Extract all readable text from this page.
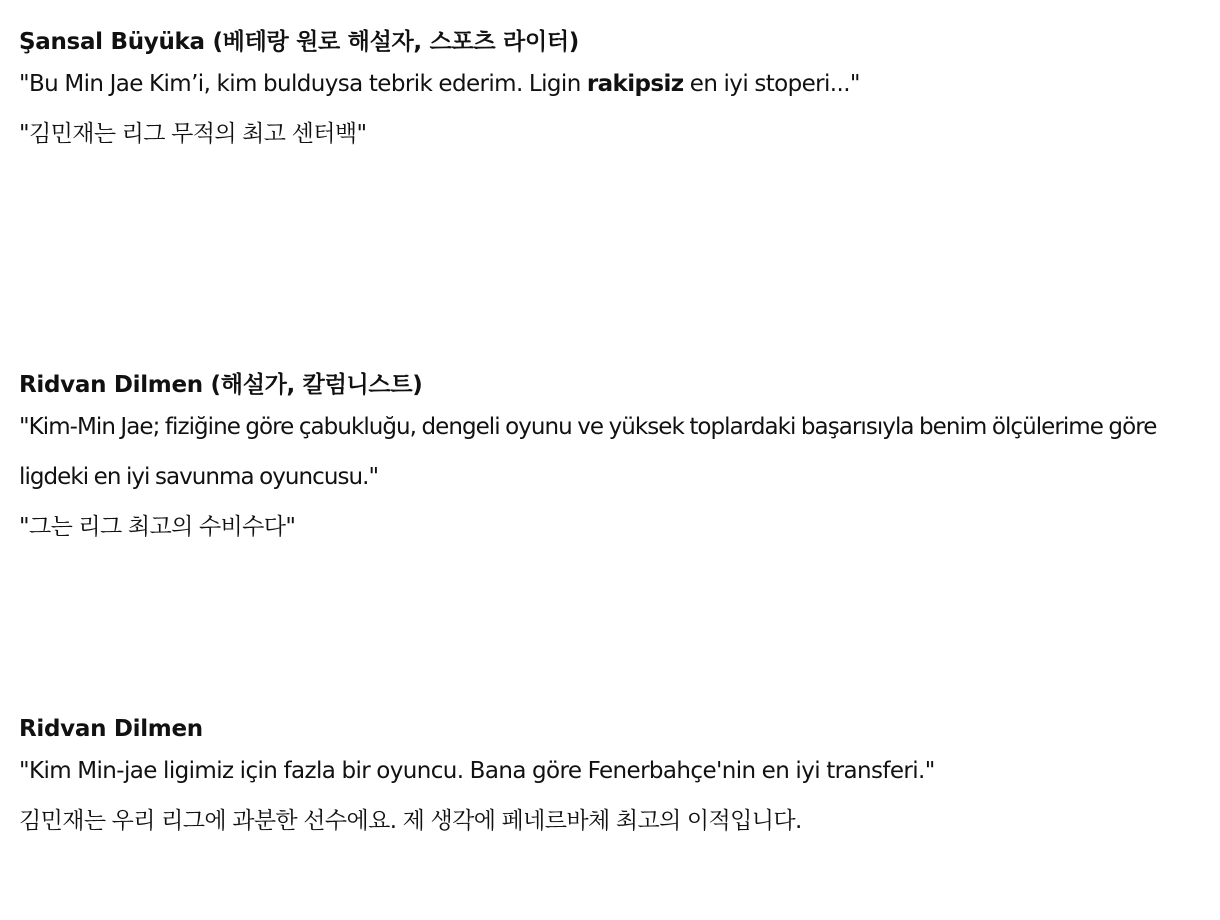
Şansal Büyüka (베테랑 원로 해설자, 스포츠 라이터)

"Bu Min Jae Kim’i, kim bulduysa tebrik ederim. Ligin rakipsiz en iyi stoperi..."

"김민재는 리그 무적의 최고 센터백"

Ridvan Dilmen (해설가, 칼럼니스트)

"Kim-Min Jae; fiziğine göre çabukluğu, dengeli oyunu ve yüksek toplardaki başarısıyla benim ölçülerime göre ligdeki en iyi savunma oyuncusu."

"그는 리그 최고의 수비수다"

Ridvan Dilmen

"Kim Min-jae ligimiz için fazla bir oyuncu. Bana göre Fenerbahçe'nin en iyi transferi."

김민재는 우리 리그에 과분한 선수에요. 제 생각에 페네르바체 최고의 이적입니다.
